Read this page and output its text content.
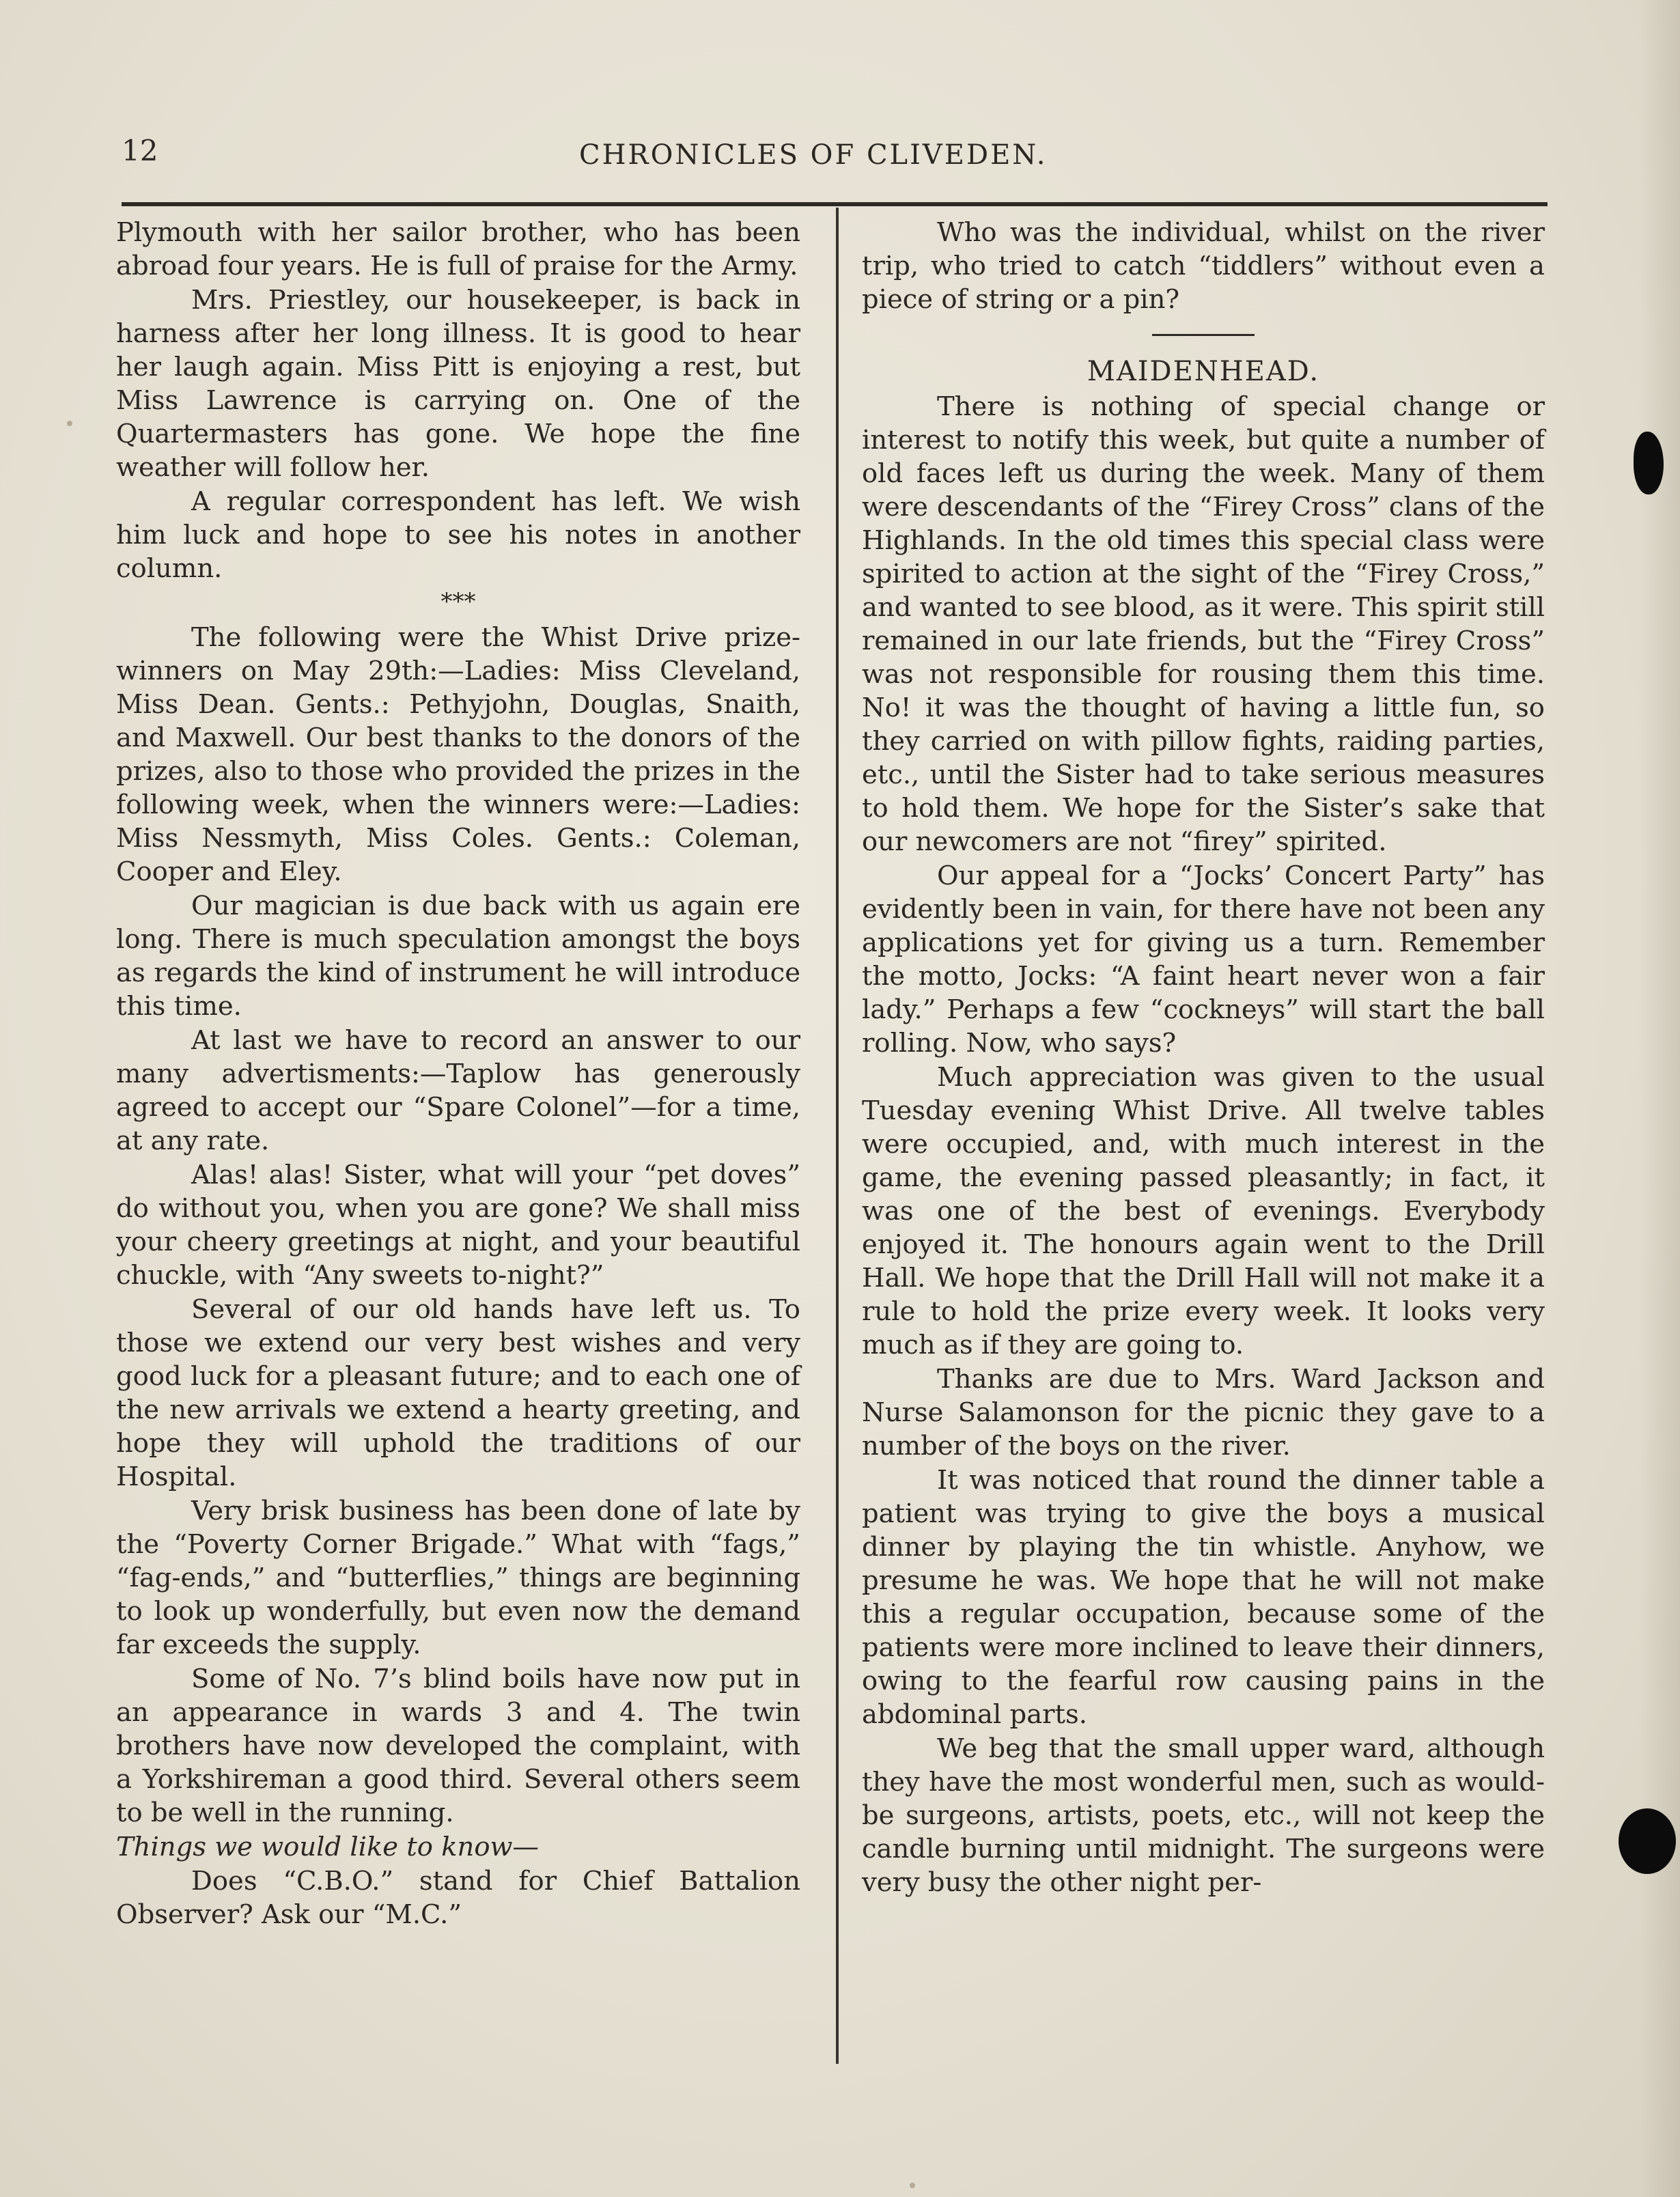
12	CHRONICLES OF CLIVEDEN.

Plymouth with her sailor brother, who has been abroad four years. He is full of praise for the Army.

Mrs. Priestley, our housekeeper, is back in harness after her long illness. It is good to hear her laugh again. Miss Pitt is enjoying a rest, but Miss Lawrence is carrying on. One of the Quartermasters has gone. We hope the fine weather will follow her.

A regular correspondent has left. We wish him luck and hope to see his notes in another column.

***

The following were the Whist Drive prize-winners on May 29th:—Ladies: Miss Cleveland, Miss Dean. Gents.: Pethyjohn, Douglas, Snaith, and Maxwell. Our best thanks to the donors of the prizes, also to those who provided the prizes in the following week, when the winners were:—Ladies: Miss Nessmyth, Miss Coles. Gents.: Coleman, Cooper and Eley.

Our magician is due back with us again ere long. There is much speculation amongst the boys as regards the kind of instrument he will introduce this time.

At last we have to record an answer to our many advertisments:—Taplow has generously agreed to accept our “Spare Colonel”—for a time, at any rate.

Alas! alas! Sister, what will your “pet doves” do without you, when you are gone? We shall miss your cheery greetings at night, and your beautiful chuckle, with “Any sweets to-night?”

Several of our old hands have left us. To those we extend our very best wishes and very good luck for a pleasant future; and to each one of the new arrivals we extend a hearty greeting, and hope they will uphold the traditions of our Hospital.

Very brisk business has been done of late by the “Poverty Corner Brigade.” What with “fags,” “fag-ends,” and “butterflies,” things are beginning to look up wonderfully, but even now the demand far exceeds the supply.

Some of No. 7’s blind boils have now put in an appearance in wards 3 and 4. The twin brothers have now developed the complaint, with a Yorkshireman a good third. Several others seem to be well in the running.

Things we would like to know—

Does “C.B.O.” stand for Chief Battalion Observer? Ask our “M.C.”

Who was the individual, whilst on the river trip, who tried to catch “tiddlers” without even a piece of string or a pin?

MAIDENHEAD.

There is nothing of special change or interest to notify this week, but quite a number of old faces left us during the week. Many of them were descendants of the “Firey Cross” clans of the Highlands. In the old times this special class were spirited to action at the sight of the “Firey Cross,” and wanted to see blood, as it were. This spirit still remained in our late friends, but the “Firey Cross” was not responsible for rousing them this time. No! it was the thought of having a little fun, so they carried on with pillow fights, raiding parties, etc., until the Sister had to take serious measures to hold them. We hope for the Sister’s sake that our newcomers are not “firey” spirited.

Our appeal for a “Jocks’ Concert Party” has evidently been in vain, for there have not been any applications yet for giving us a turn. Remember the motto, Jocks: “A faint heart never won a fair lady.” Perhaps a few “cockneys” will start the ball rolling. Now, who says?

Much appreciation was given to the usual Tuesday evening Whist Drive. All twelve tables were occupied, and, with much interest in the game, the evening passed pleasantly; in fact, it was one of the best of evenings. Everybody enjoyed it. The honours again went to the Drill Hall. We hope that the Drill Hall will not make it a rule to hold the prize every week. It looks very much as if they are going to.

Thanks are due to Mrs. Ward Jackson and Nurse Salamonson for the picnic they gave to a number of the boys on the river.

It was noticed that round the dinner table a patient was trying to give the boys a musical dinner by playing the tin whistle. Anyhow, we presume he was. We hope that he will not make this a regular occupation, because some of the patients were more inclined to leave their dinners, owing to the fearful row causing pains in the abdominal parts.

We beg that the small upper ward, although they have the most wonderful men, such as would-be surgeons, artists, poets, etc., will not keep the candle burning until midnight. The surgeons were very busy the other night per-
